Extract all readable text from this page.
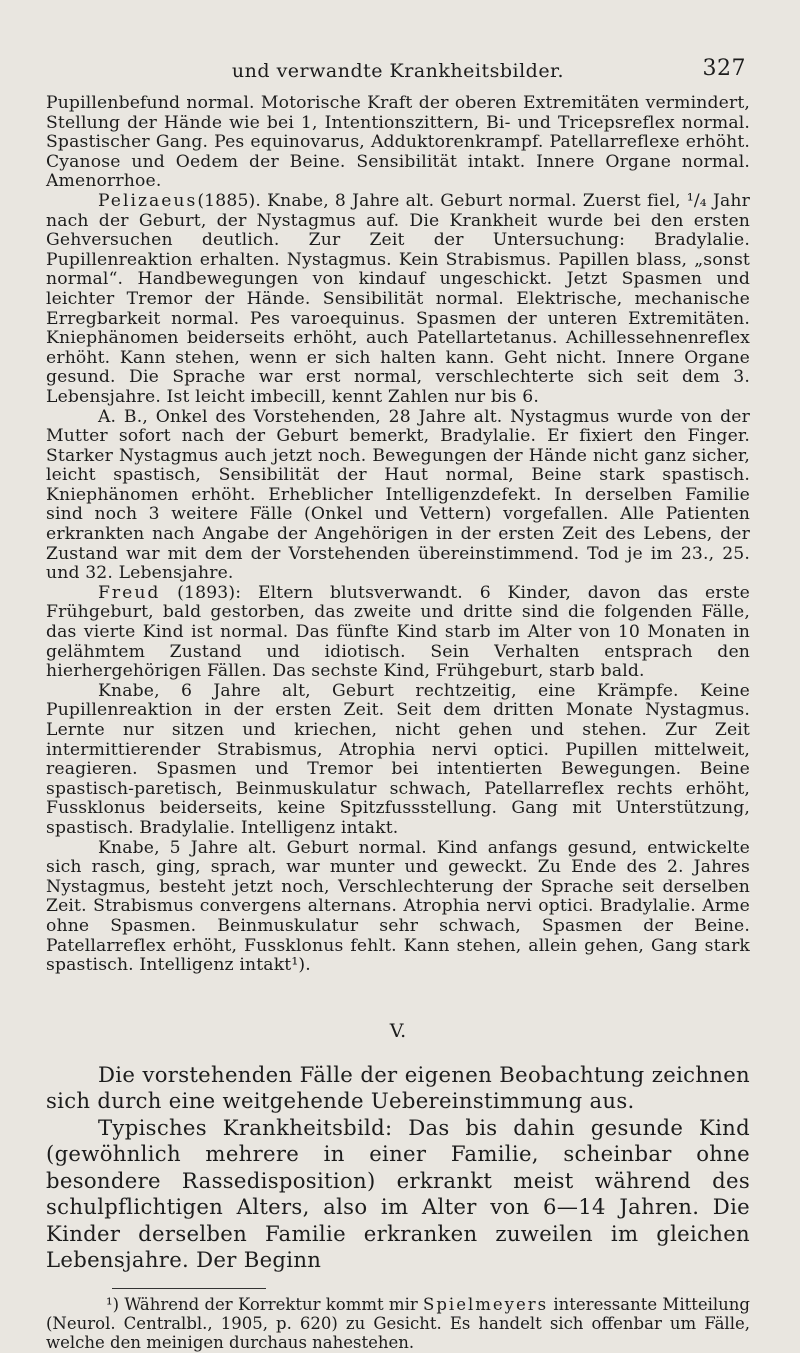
und verwandte Krankheitsbilder.	327

Pupillenbefund normal. Motorische Kraft der oberen Extremitäten vermindert, Stellung der Hände wie bei 1, Intentionszittern, Bi- und Tricepsreflex normal. Spastischer Gang. Pes equinovarus, Adduktorenkrampf. Patellarreflexe erhöht. Cyanose und Oedem der Beine. Sensibilität intakt. Innere Organe normal. Amenorrhoe.

Pelizaeus(1885). Knabe, 8 Jahre alt. Geburt normal. Zuerst fiel, ¹/₄ Jahr nach der Geburt, der Nystagmus auf. Die Krankheit wurde bei den ersten Gehversuchen deutlich. Zur Zeit der Untersuchung: Bradylalie. Pupillenreaktion erhalten. Nystagmus. Kein Strabismus. Papillen blass, „sonst normal“. Handbewegungen von kindauf ungeschickt. Jetzt Spasmen und leichter Tremor der Hände. Sensibilität normal. Elektrische, mechanische Erregbarkeit normal. Pes varoequinus. Spasmen der unteren Extremitäten. Kniephänomen beiderseits erhöht, auch Patellartetanus. Achillessehnenreflex erhöht. Kann stehen, wenn er sich halten kann. Geht nicht. Innere Organe gesund. Die Sprache war erst normal, verschlechterte sich seit dem 3. Lebensjahre. Ist leicht imbecill, kennt Zahlen nur bis 6.

A. B., Onkel des Vorstehenden, 28 Jahre alt. Nystagmus wurde von der Mutter sofort nach der Geburt bemerkt, Bradylalie. Er fixiert den Finger. Starker Nystagmus auch jetzt noch. Bewegungen der Hände nicht ganz sicher, leicht spastisch, Sensibilität der Haut normal, Beine stark spastisch. Kniephänomen erhöht. Erheblicher Intelligenzdefekt. In derselben Familie sind noch 3 weitere Fälle (Onkel und Vettern) vorgefallen. Alle Patienten erkrankten nach Angabe der Angehörigen in der ersten Zeit des Lebens, der Zustand war mit dem der Vorstehenden übereinstimmend. Tod je im 23., 25. und 32. Lebensjahre.

Freud (1893): Eltern blutsverwandt. 6 Kinder, davon das erste Frühgeburt, bald gestorben, das zweite und dritte sind die folgenden Fälle, das vierte Kind ist normal. Das fünfte Kind starb im Alter von 10 Monaten in gelähmtem Zustand und idiotisch. Sein Verhalten entsprach den hierhergehörigen Fällen. Das sechste Kind, Frühgeburt, starb bald.

Knabe, 6 Jahre alt, Geburt rechtzeitig, eine Krämpfe. Keine Pupillenreaktion in der ersten Zeit. Seit dem dritten Monate Nystagmus. Lernte nur sitzen und kriechen, nicht gehen und stehen. Zur Zeit intermittierender Strabismus, Atrophia nervi optici. Pupillen mittelweit, reagieren. Spasmen und Tremor bei intentierten Bewegungen. Beine spastisch-paretisch, Beinmuskulatur schwach, Patellarreflex rechts erhöht, Fussklonus beiderseits, keine Spitzfussstellung. Gang mit Unterstützung, spastisch. Bradylalie. Intelligenz intakt.

Knabe, 5 Jahre alt. Geburt normal. Kind anfangs gesund, entwickelte sich rasch, ging, sprach, war munter und geweckt. Zu Ende des 2. Jahres Nystagmus, besteht jetzt noch, Verschlechterung der Sprache seit derselben Zeit. Strabismus convergens alternans. Atrophia nervi optici. Bradylalie. Arme ohne Spasmen. Beinmuskulatur sehr schwach, Spasmen der Beine. Patellarreflex erhöht, Fussklonus fehlt. Kann stehen, allein gehen, Gang stark spastisch. Intelligenz intakt¹).

V.

Die vorstehenden Fälle der eigenen Beobachtung zeichnen sich durch eine weitgehende Uebereinstimmung aus.

Typisches Krankheitsbild: Das bis dahin gesunde Kind (gewöhnlich mehrere in einer Familie, scheinbar ohne besondere Rassedisposition) erkrankt meist während des schulpflichtigen Alters, also im Alter von 6—14 Jahren. Die Kinder derselben Familie erkranken zuweilen im gleichen Lebensjahre. Der Beginn

¹) Während der Korrektur kommt mir Spielmeyers interessante Mitteilung (Neurol. Centralbl., 1905, p. 620) zu Gesicht. Es handelt sich offenbar um Fälle, welche den meinigen durchaus nahestehen.
